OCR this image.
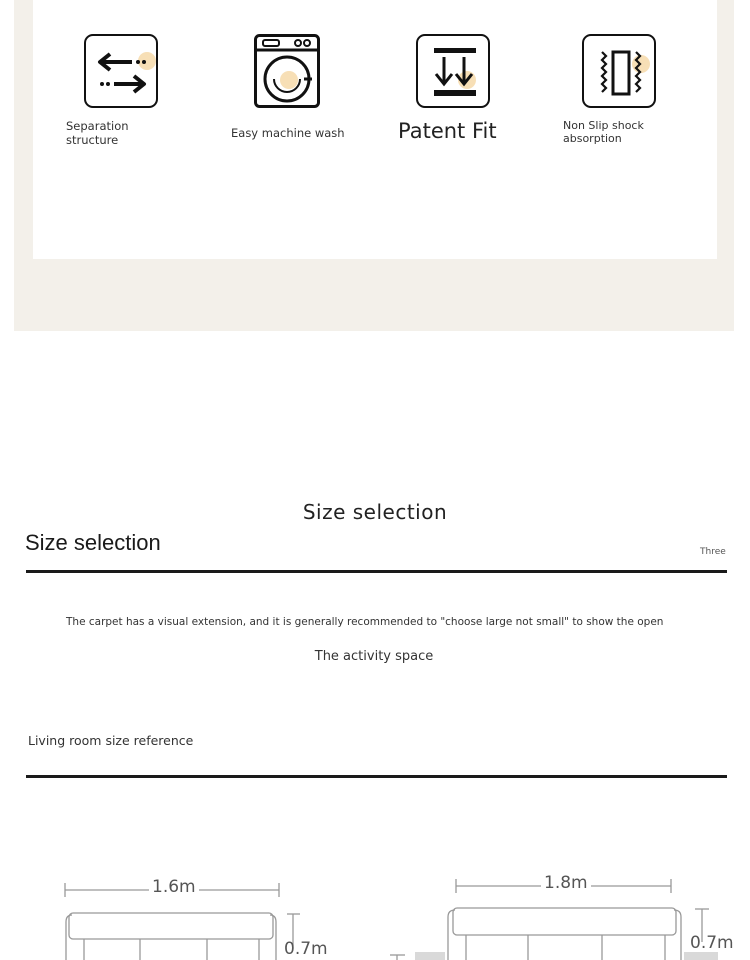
Separation structure	Easy machine wash	Patent Fit	Non Slip shock absorption
Size selection
Size selection	Three
The carpet has a visual extension, and it is generally recommended to "choose large not small" to show the open
The activity space
Living room size reference
1.6m
0.7m
1.8m
0.7m
